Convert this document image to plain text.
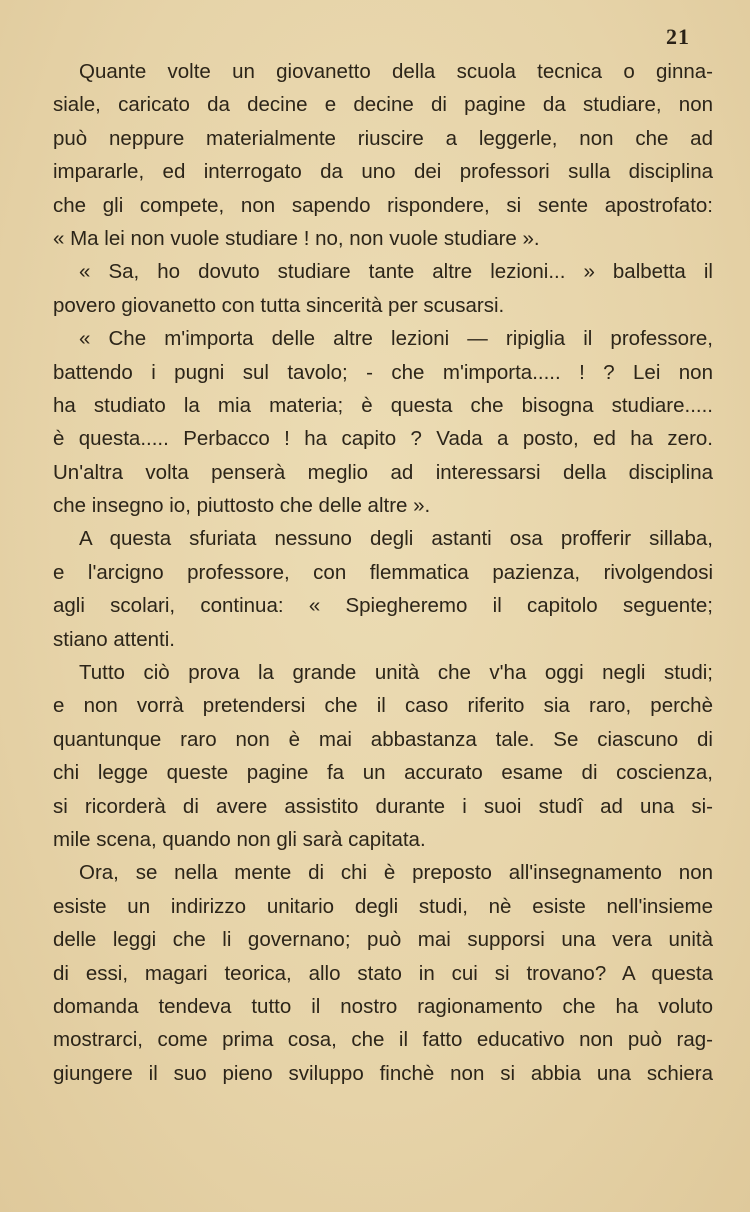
21
Quante volte un giovanetto della scuola tecnica o ginna-
siale, caricato da decine e decine di pagine da studiare, non
può neppure materialmente riuscire a leggerle, non che ad
impararle, ed interrogato da uno dei professori sulla disciplina
che gli compete, non sapendo rispondere, si sente apostrofato:
« Ma lei non vuole studiare ! no, non vuole studiare ».
« Sa, ho dovuto studiare tante altre lezioni... » balbetta il
povero giovanetto con tutta sincerità per scusarsi.
« Che m'importa delle altre lezioni — ripiglia il professore,
battendo i pugni sul tavolo; - che m'importa..... ! ? Lei non
ha studiato la mia materia; è questa che bisogna studiare.....
è questa..... Perbacco ! ha capito ? Vada a posto, ed ha zero.
Un'altra volta penserà meglio ad interessarsi della disciplina
che insegno io, piuttosto che delle altre ».
A questa sfuriata nessuno degli astanti osa profferir sillaba,
e l'arcigno professore, con flemmatica pazienza, rivolgendosi
agli scolari, continua: « Spiegheremo il capitolo seguente;
stiano attenti.
Tutto ciò prova la grande unità che v'ha oggi negli studi;
e non vorrà pretendersi che il caso riferito sia raro, perchè
quantunque raro non è mai abbastanza tale. Se ciascuno di
chi legge queste pagine fa un accurato esame di coscienza,
si ricorderà di avere assistito durante i suoi studî ad una si-
mile scena, quando non gli sarà capitata.
Ora, se nella mente di chi è preposto all'insegnamento non
esiste un indirizzo unitario degli studi, nè esiste nell'insieme
delle leggi che li governano; può mai supporsi una vera unità
di essi, magari teorica, allo stato in cui si trovano? A questa
domanda tendeva tutto il nostro ragionamento che ha voluto
mostrarci, come prima cosa, che il fatto educativo non può rag-
giungere il suo pieno sviluppo finchè non si abbia una schiera
